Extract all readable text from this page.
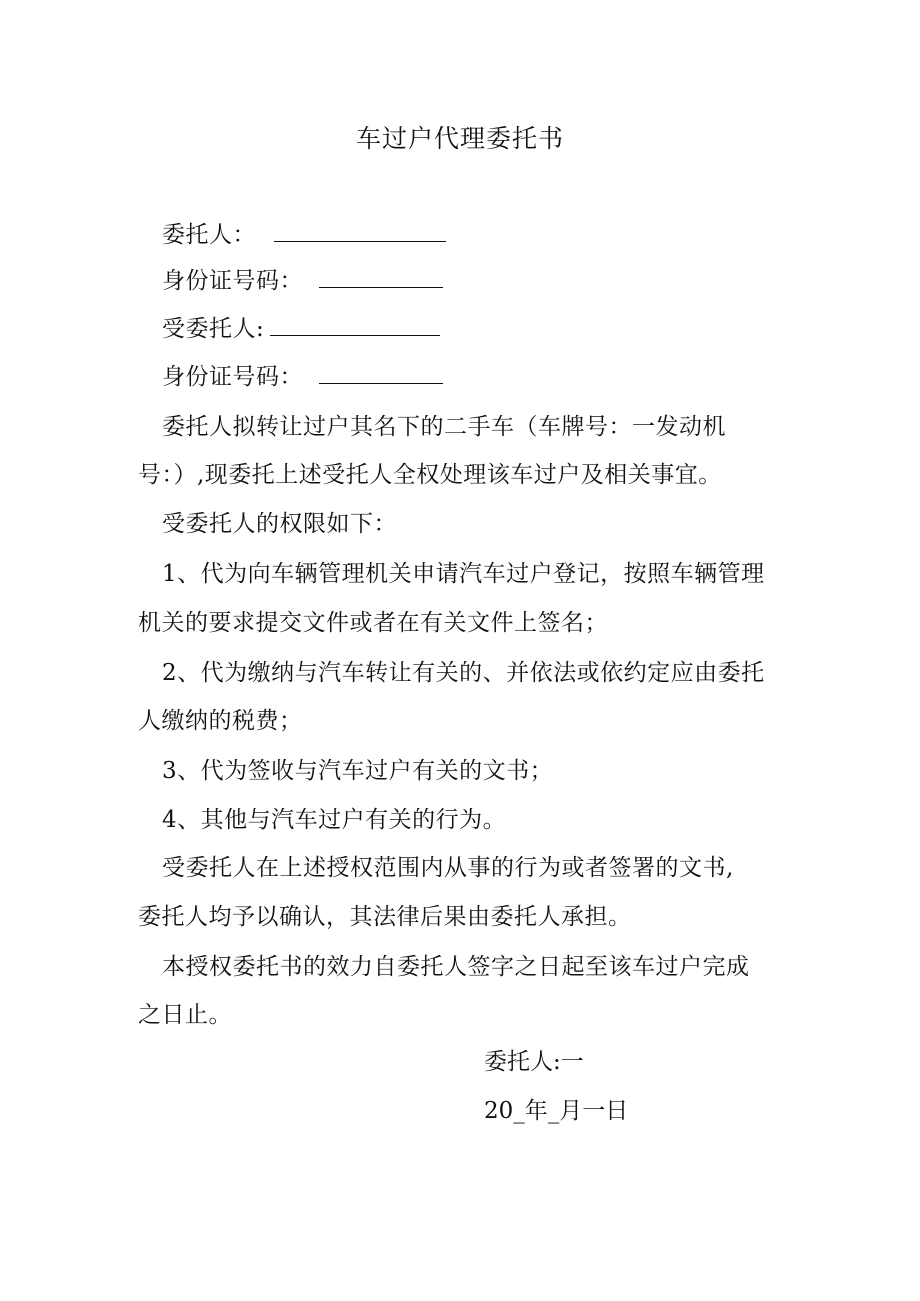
车过户代理委托书
委托人：
身份证号码：
受委托人:
身份证号码：
委托人拟转让过户其名下的二手车（车牌号：一发动机
号：）,现委托上述受托人全权处理该车过户及相关事宜。
受委托人的权限如下：
1、代为向车辆管理机关申请汽车过户登记，按照车辆管理
机关的要求提交文件或者在有关文件上签名；
2、代为缴纳与汽车转让有关的、并依法或依约定应由委托
人缴纳的税费；
3、代为签收与汽车过户有关的文书；
4、其他与汽车过户有关的行为。
受委托人在上述授权范围内从事的行为或者签署的文书,
委托人均予以确认，其法律后果由委托人承担。
本授权委托书的效力自委托人签字之日起至该车过户完成
之日止。
委托人:一
20_年_月一日
